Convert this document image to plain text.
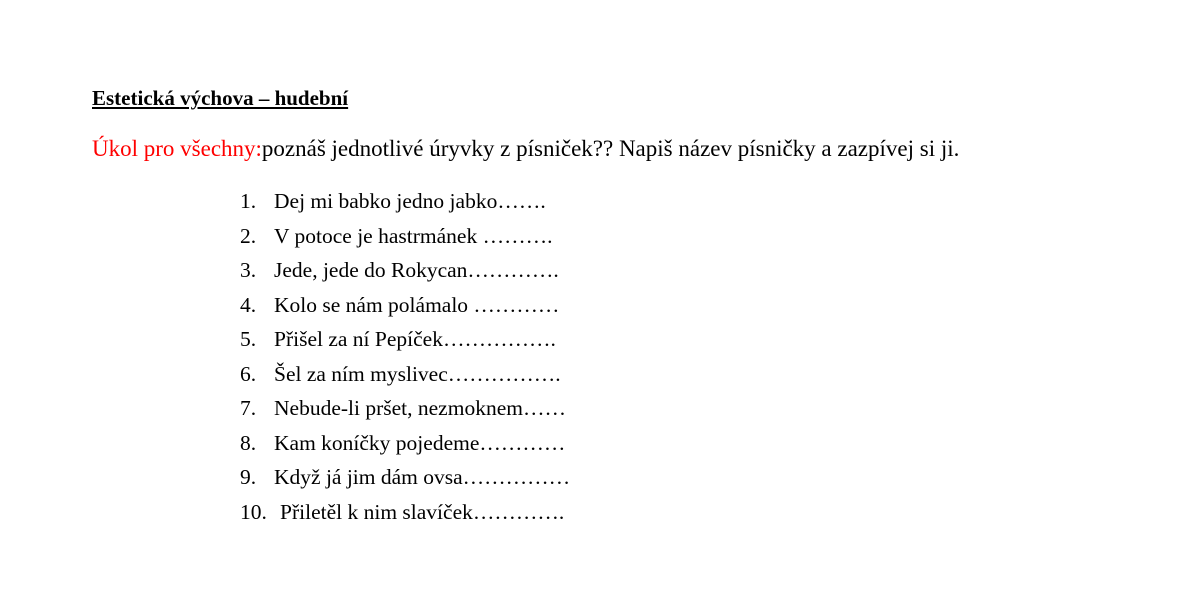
Estetická výchova – hudební
Úkol pro všechny:poznáš jednotlivé úryvky z písniček?? Napiš název písničky a zazpívej si ji.
1. Dej mi babko jedno jabko…….
2. V potoce je hastrmánek ……….
3. Jede, jede do Rokycan………….
4. Kolo se nám polámalo …………
5. Přišel za ní Pepíček…………….
6. Šel za ním myslivec…………….
7. Nebude-li pršet, nezmoknem……
8. Kam koníčky pojedeme…………
9. Když já jim dám ovsa……………
10. Přiletěl k nim slavíček………….
